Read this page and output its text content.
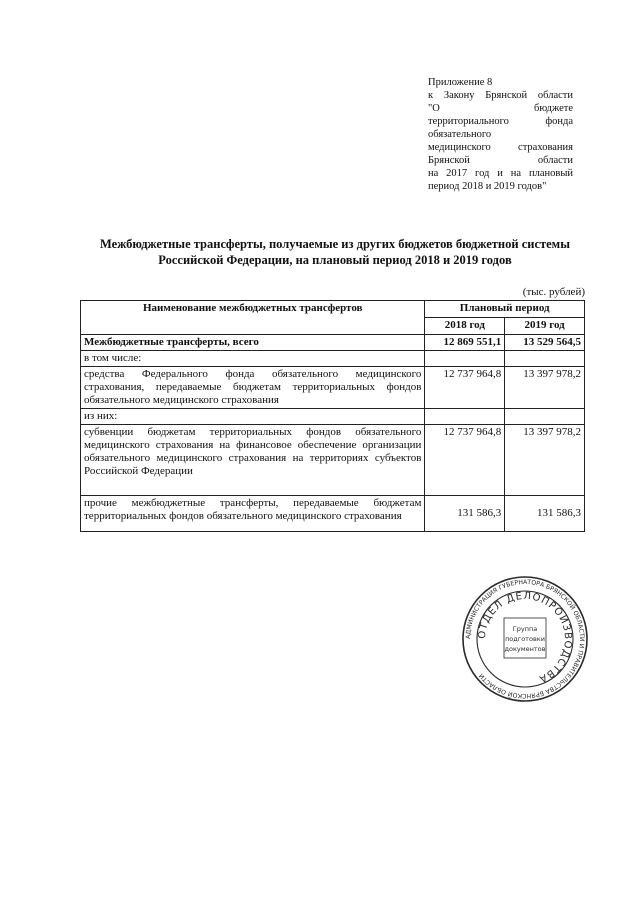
Приложение 8
к Закону Брянской области
"О бюджете
территориального фонда
обязательного
медицинского страхования
Брянской области
на 2017 год и на плановый
период 2018 и 2019 годов"
Межбюджетные трансферты, получаемые из других бюджетов бюджетной системы
Российской Федерации, на плановый период 2018 и 2019 годов
(тыс. рублей)
Наименование межбюджетных трансфертов	Плановый период	
	2018 год	2019 год
Межбюджетные трансферты, всего	12 869 551,1	13 529 564,5
в том числе:		
средства Федерального фонда обязательного медицинского страхования, передаваемые бюджетам территориальных фондов обязательного медицинского страхования	12 737 964,8	13 397 978,2
из них:		
субвенции бюджетам территориальных фондов обязательного медицинского страхования на финансовое обеспечение организации обязательного медицинского страхования на территориях субъектов Российской Федерации	12 737 964,8	13 397 978,2
прочие межбюджетные трансферты, передаваемые бюджетам территориальных фондов обязательного медицинского страхования	131 586,3	131 586,3
АДМИНИСТРАЦИЯ ГУБЕРНАТОРА БРЯНСКОЙ ОБЛАСТИ И ПРАВИТЕЛЬСТВА БРЯНСКОЙ ОБЛАСТИ
ОТДЕЛ ДЕЛОПРОИЗВОДСТВА
Группа
подготовки
документов
